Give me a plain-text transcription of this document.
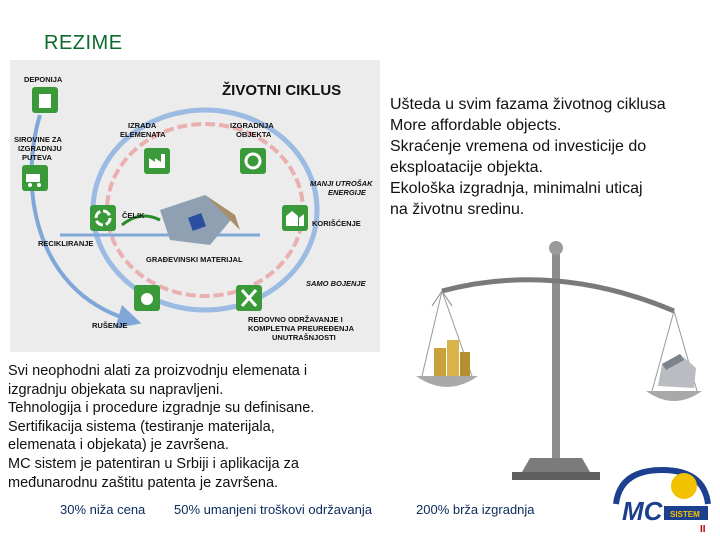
REZIME
ŽIVOTNI CIKLUS
DEPONIJA
IZRADA ELEMENATA
IZGRADNJA OBJEKTA
SIROVINE ZA IZGRADNJU PUTEVA
MANJI UTROŠAK ENERGIJE
ČELIK
KORIŠĆENJE
RECIKLIRANJE
GRAĐEVINSKI MATERIJAL
SAMO BOJENJE
RUŠENJE
REDOVNO ODRŽAVANJE I KOMPLETNA PREUREĐENJA UNUTRAŠNJOSTI
Ušteda u svim fazama životnog ciklusa
More affordable objects.
Skraćenje vremena od investicije do
eksploatacije objekta.
Ekološka izgradnja, minimalni uticaj
na životnu sredinu.
Svi neophodni alati za proizvodnju elemenata i
izgradnju objekata su napravljeni.
Tehnologija i procedure izgradnje su definisane.
Sertifikacija sistema (testiranje materijala,
elemenata i objekata) je završena.
MC sistem je patentiran u Srbiji i aplikacija za
međunarodnu zaštitu patenta je završena.
30% niža cena 50% umanjeni troškovi održavanja	200% brža izgradnja	MC SISTEM
II
